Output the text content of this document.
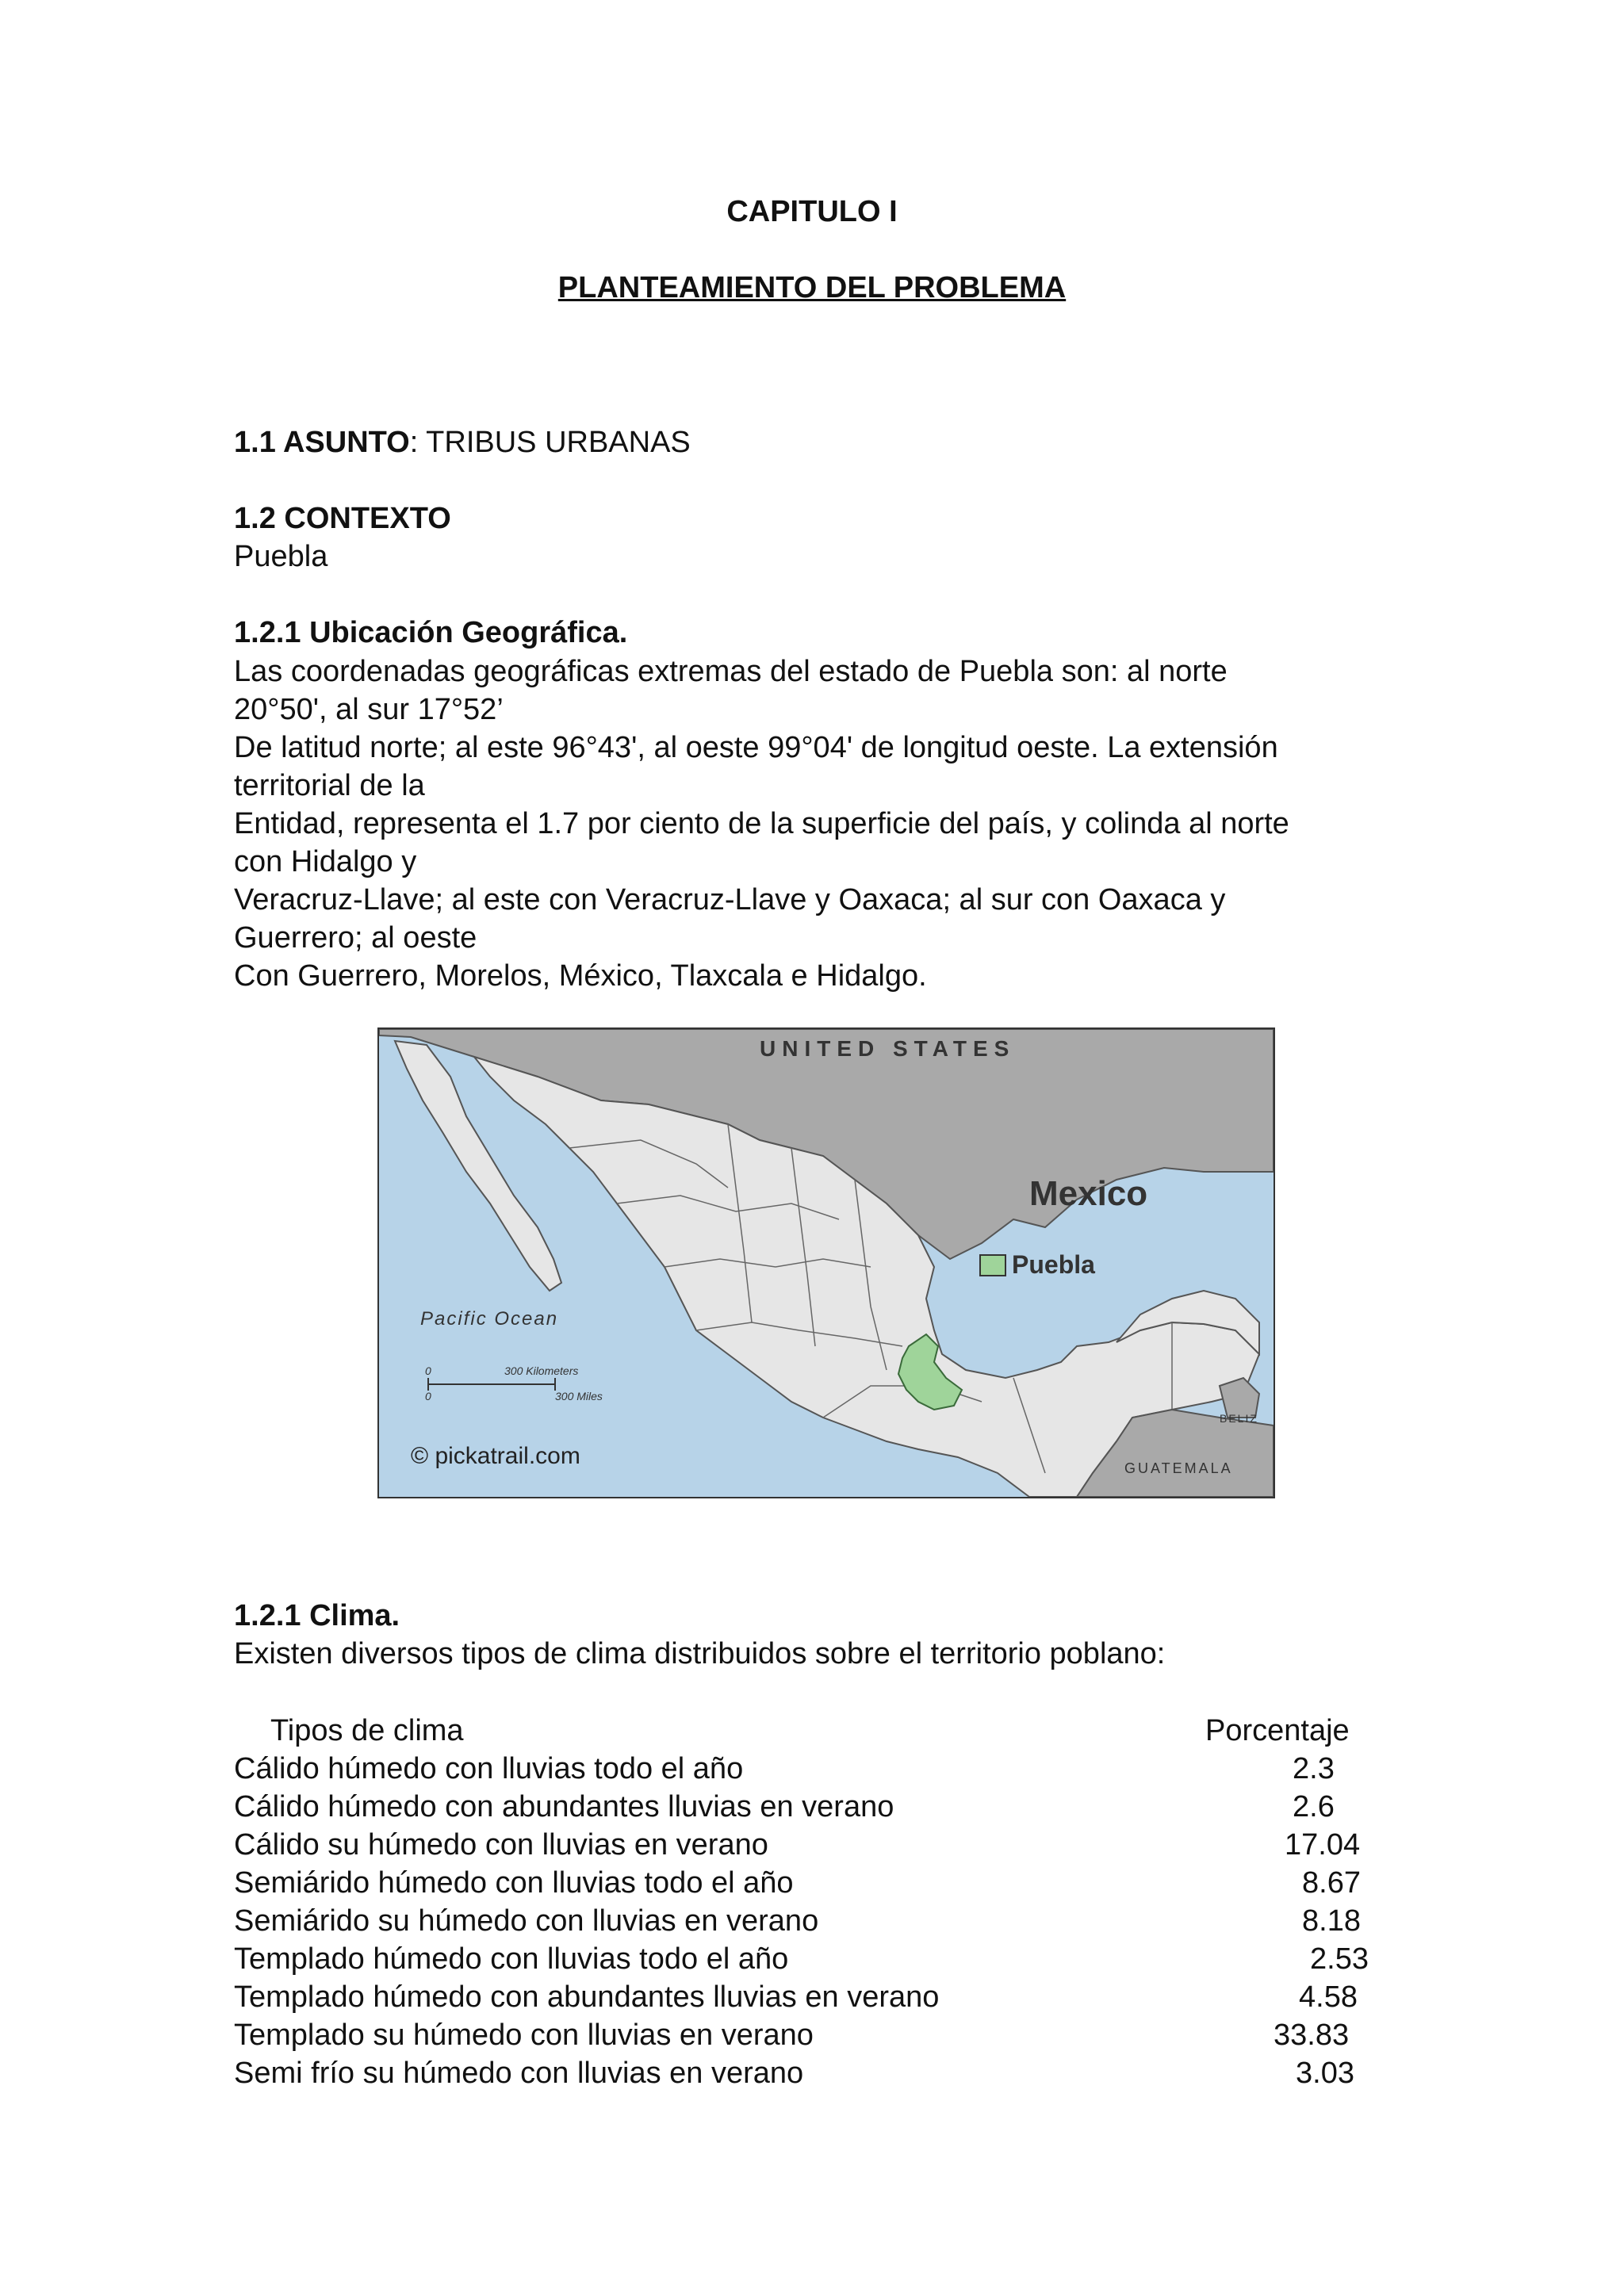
CAPITULO I
PLANTEAMIENTO DEL PROBLEMA
1.1 ASUNTO: TRIBUS URBANAS
1.2 CONTEXTO
Puebla
1.2.1 Ubicación Geográfica.

Las coordenadas geográficas extremas del estado de Puebla son: al norte

20°50', al sur 17°52’

De latitud norte; al este 96°43', al oeste 99°04' de longitud oeste. La extensión

territorial de la

Entidad, representa el 1.7 por ciento de la superficie del país, y colinda al norte

con Hidalgo y

Veracruz-Llave; al este con Veracruz-Llave y Oaxaca; al sur con Oaxaca y

Guerrero; al oeste

Con Guerrero, Morelos, México, Tlaxcala e Hidalgo.

UNITED STATES
Mexico
Puebla
Pacific Ocean
0	300 Kilometers
0	300 Miles
© pickatrail.com	GUATEMALA
BELIZ
1.2.1 Clima.
Existen diversos tipos de clima distribuidos sobre el territorio poblano:
Tipos de clima	Porcentaje
Cálido húmedo con lluvias todo el año	2.3
Cálido húmedo con abundantes lluvias en verano	2.6
Cálido su húmedo con lluvias en verano	17.04
Semiárido húmedo con lluvias todo el año	8.67
Semiárido su húmedo con lluvias en verano	8.18
Templado húmedo con lluvias todo el año	2.53
Templado húmedo con abundantes lluvias en verano	4.58
Templado su húmedo con lluvias en verano	33.83
Semi frío su húmedo con lluvias en verano	3.03
